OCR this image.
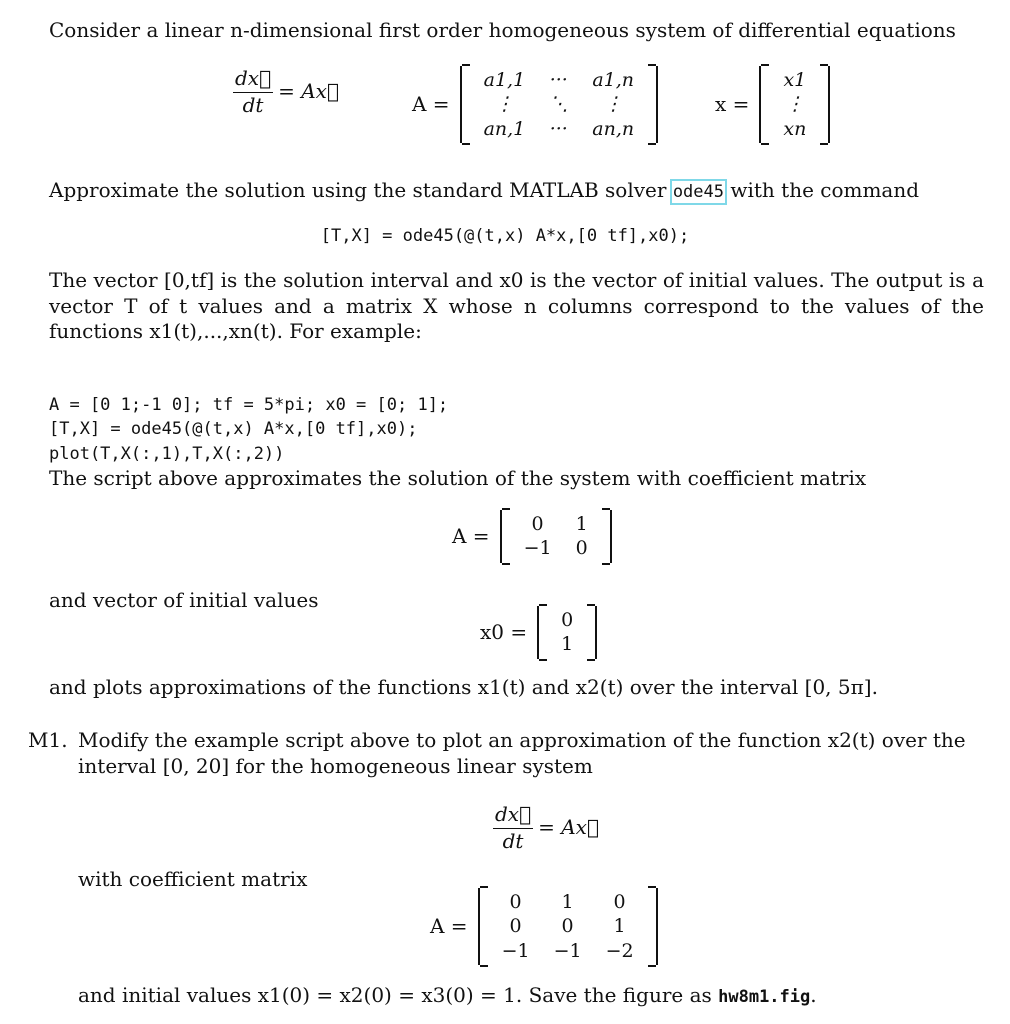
Consider a linear n-dimensional first order homogeneous system of differential equations

$\frac{dx⃗}{dt}$ = Ax⃗
A =
a1,1	···	a1,n
⋮	⋱	⋮
an,1	···	an,n
x =
x1
⋮
xn

Approximate the solution using the standard MATLAB solver ode45 with the command

[T,X] = ode45(@(t,x) A*x,[0 tf],x0);

The vector [0,tf] is the solution interval and x0 is the vector of initial values. The output is a vector T of t values and a matrix X whose n columns correspond to the values of the functions x1(t),...,xn(t). For example:

A = [0 1;-1 0]; tf = 5*pi; x0 = [0; 1];
[T,X] = ode45(@(t,x) A*x,[0 tf],x0);
plot(T,X(:,1),T,X(:,2))

The script above approximates the solution of the system with coefficient matrix

A = 0	1
−1	0

and vector of initial values

x0 = 0
1

and plots approximations of the functions x1(t) and x2(t) over the interval [0, 5π].

M1. Modify the example script above to plot an approximation of the function x2(t) over the interval [0, 20] for the homogeneous linear system

$\frac{dx⃗}{dt}$ = Ax⃗

with coefficient matrix

A =
0	1	0
0	0	1
−1	−1	−2

and initial values x1(0) = x2(0) = x3(0) = 1. Save the figure as hw8m1.fig.
